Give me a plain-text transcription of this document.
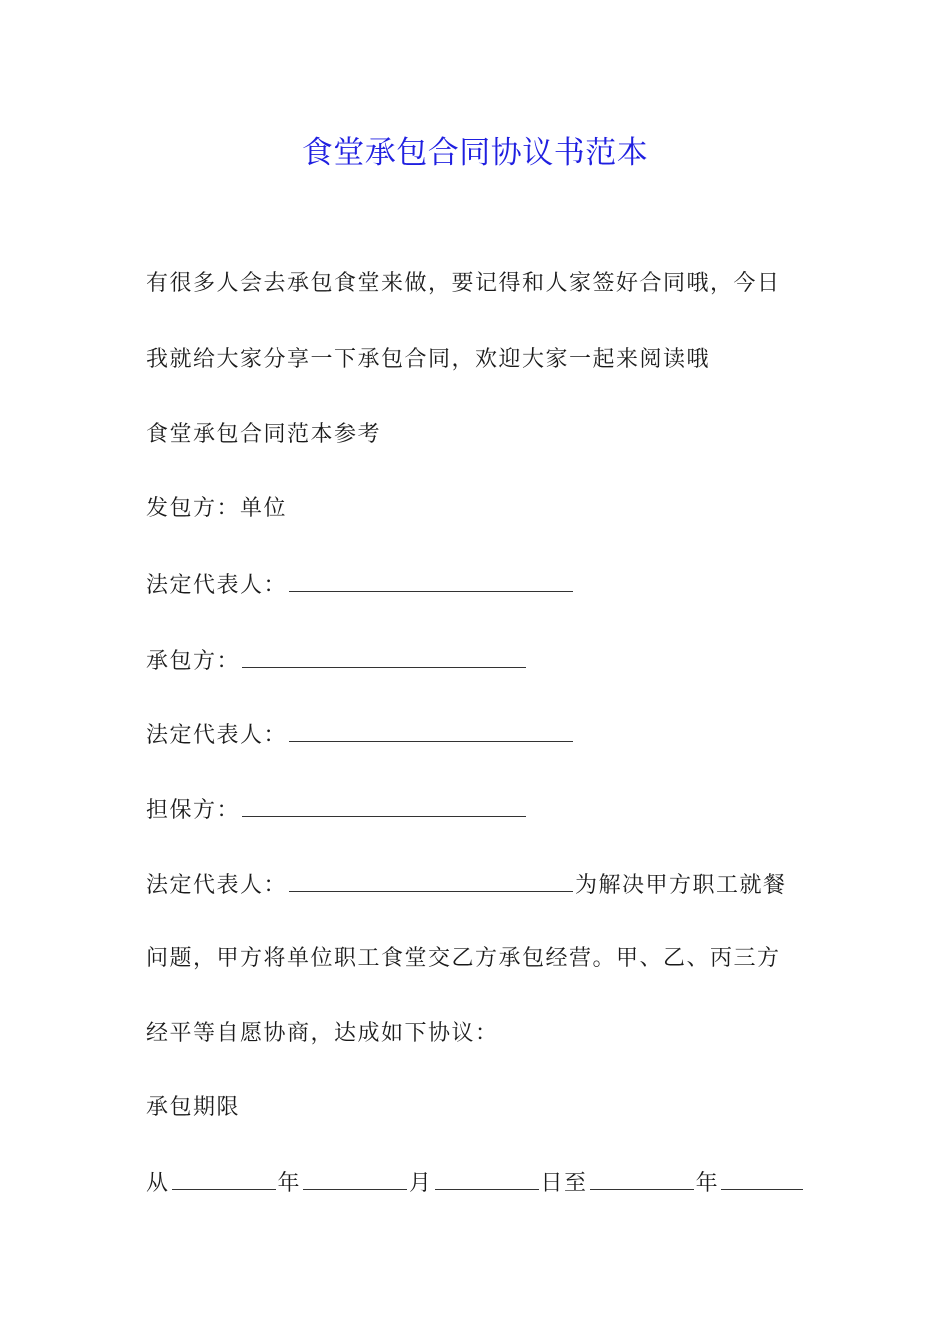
食堂承包合同协议书范本
有很多人会去承包食堂来做，要记得和人家签好合同哦，今日
我就给大家分享一下承包合同，欢迎大家一起来阅读哦
食堂承包合同范本参考
发包方：单位
法定代表人：
承包方：
法定代表人：
担保方：
法定代表人：	为解决甲方职工就餐
问题，甲方将单位职工食堂交乙方承包经营。甲、乙、丙三方
经平等自愿协商，达成如下协议：
承包期限
从	年	月	日至	年
